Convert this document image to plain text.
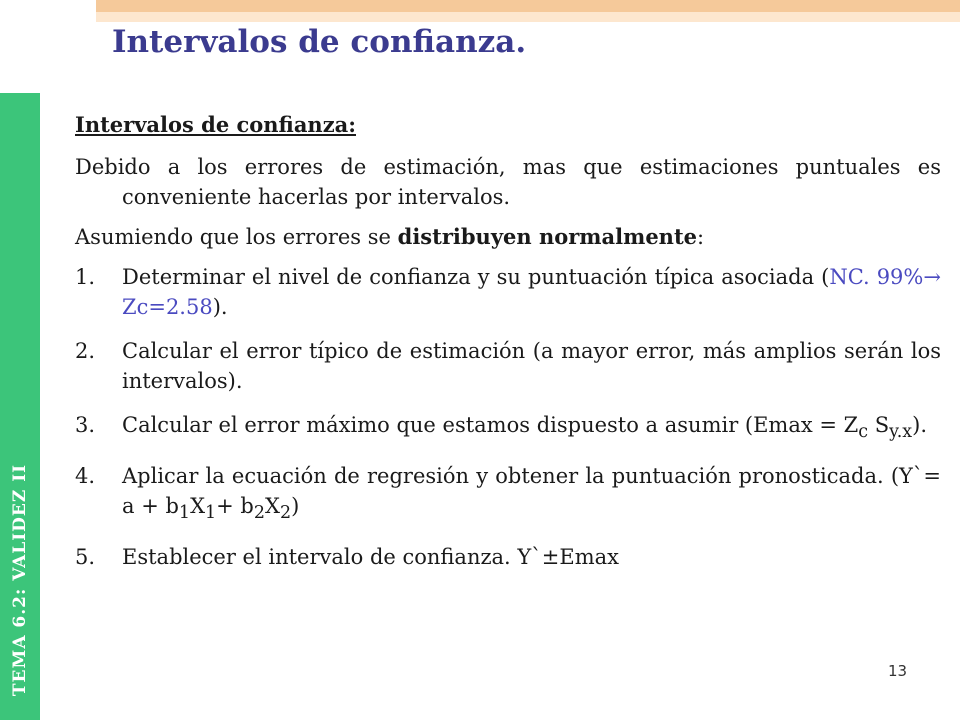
TEMA 6.2: VALIDEZ II
Intervalos de confianza.

Intervalos de confianza:

Debido a los errores de estimación, mas que estimaciones puntuales es conveniente hacerlas por intervalos.

Asumiendo que los errores se distribuyen normalmente:

1.	Determinar el nivel de confianza y su puntuación típica asociada (NC. 99%→ Zc=2.58).
2.	Calcular el error típico de estimación (a mayor error, más amplios serán los intervalos).
3.	Calcular el error máximo que estamos dispuesto a asumir ($Emax = Z_c$ $S_{y.x}$).
4.	Aplicar la ecuación de regresión y obtener la puntuación pronosticada. (Y`= $a + b_1X_1+ b_2X_2$)
5.	Establecer el intervalo de confianza. Y`±Emax
13
